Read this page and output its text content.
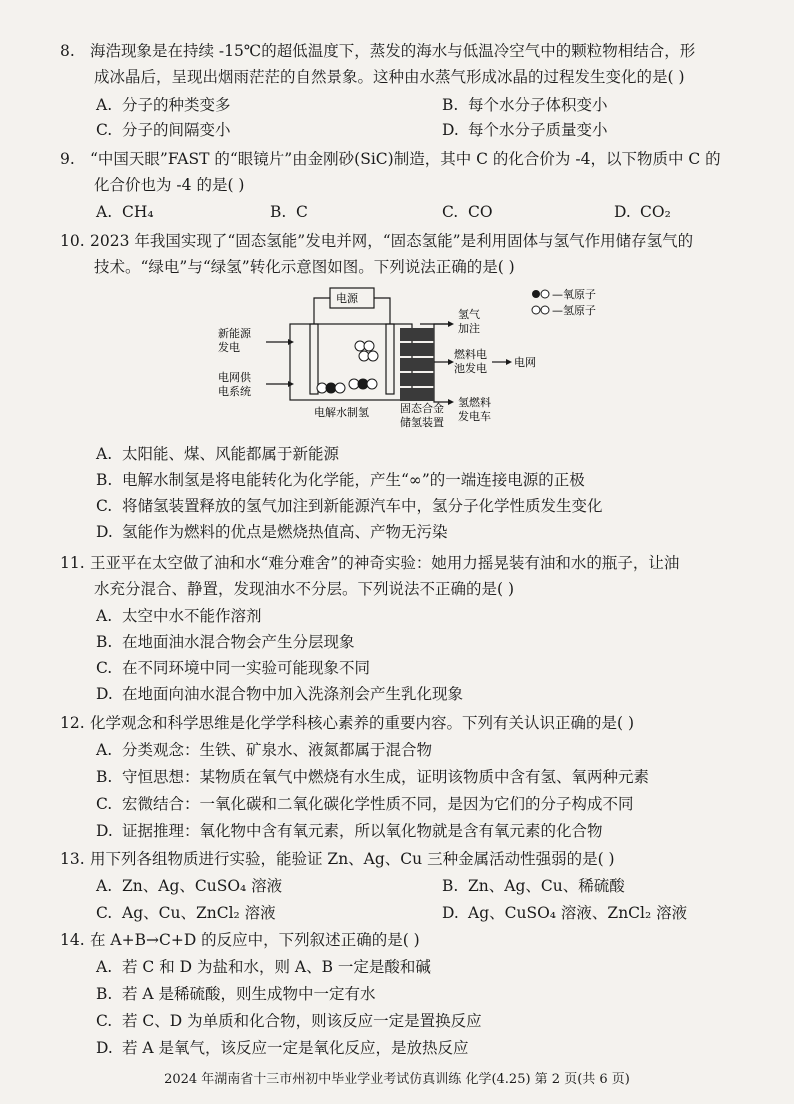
8. 海浩现象是在持续 -15℃的超低温度下，蒸发的海水与低温冷空气中的颗粒物相结合，形
成冰晶后，呈现出烟雨茫茫的自然景象。这种由水蒸气形成冰晶的过程发生变化的是( )
A. 分子的种类变多	B. 每个水分子体积变小
C. 分子的间隔变小	D. 每个水分子质量变小
9. “中国天眼”FAST 的“眼镜片”由金刚砂(SiC)制造，其中 C 的化合价为 -4，以下物质中 C 的
化合价也为 -4 的是( )
A. CH₄	B. C	C. CO	D. CO₂
10. 2023 年我国实现了“固态氢能”发电并网，“固态氢能”是利用固体与氢气作用储存氢气的
技术。“绿电”与“绿氢”转化示意图如图。下列说法正确的是( )
电源
新能源
发电
电网供
电系统
电解水制氢	固态合金
储氢装置
氢气
加注
燃料电
池发电 电网
氢燃料
发电车
—氧原子
—氢原子
A. 太阳能、煤、风能都属于新能源
B. 电解水制氢是将电能转化为化学能，产生“∞”的一端连接电源的正极
C. 将储氢装置释放的氢气加注到新能源汽车中，氢分子化学性质发生变化
D. 氢能作为燃料的优点是燃烧热值高、产物无污染
11. 王亚平在太空做了油和水“难分难舍”的神奇实验：她用力摇晃装有油和水的瓶子，让油
水充分混合、静置，发现油水不分层。下列说法不正确的是( )
A. 太空中水不能作溶剂
B. 在地面油水混合物会产生分层现象
C. 在不同环境中同一实验可能现象不同
D. 在地面向油水混合物中加入洗涤剂会产生乳化现象
12. 化学观念和科学思维是化学学科核心素养的重要内容。下列有关认识正确的是( )
A. 分类观念：生铁、矿泉水、液氮都属于混合物
B. 守恒思想：某物质在氧气中燃烧有水生成，证明该物质中含有氢、氧两种元素
C. 宏微结合：一氧化碳和二氧化碳化学性质不同，是因为它们的分子构成不同
D. 证据推理：氧化物中含有氧元素，所以氧化物就是含有氧元素的化合物
13. 用下列各组物质进行实验，能验证 Zn、Ag、Cu 三种金属活动性强弱的是( )
A. Zn、Ag、CuSO₄ 溶液	B. Zn、Ag、Cu、稀硫酸
C. Ag、Cu、ZnCl₂ 溶液	D. Ag、CuSO₄ 溶液、ZnCl₂ 溶液
14. 在 A+B→C+D 的反应中，下列叙述正确的是( )
A. 若 C 和 D 为盐和水，则 A、B 一定是酸和碱
B. 若 A 是稀硫酸，则生成物中一定有水
C. 若 C、D 为单质和化合物，则该反应一定是置换反应
D. 若 A 是氧气，该反应一定是氧化反应，是放热反应
2024 年湖南省十三市州初中毕业学业考试仿真训练 化学(4.25) 第 2 页(共 6 页)
